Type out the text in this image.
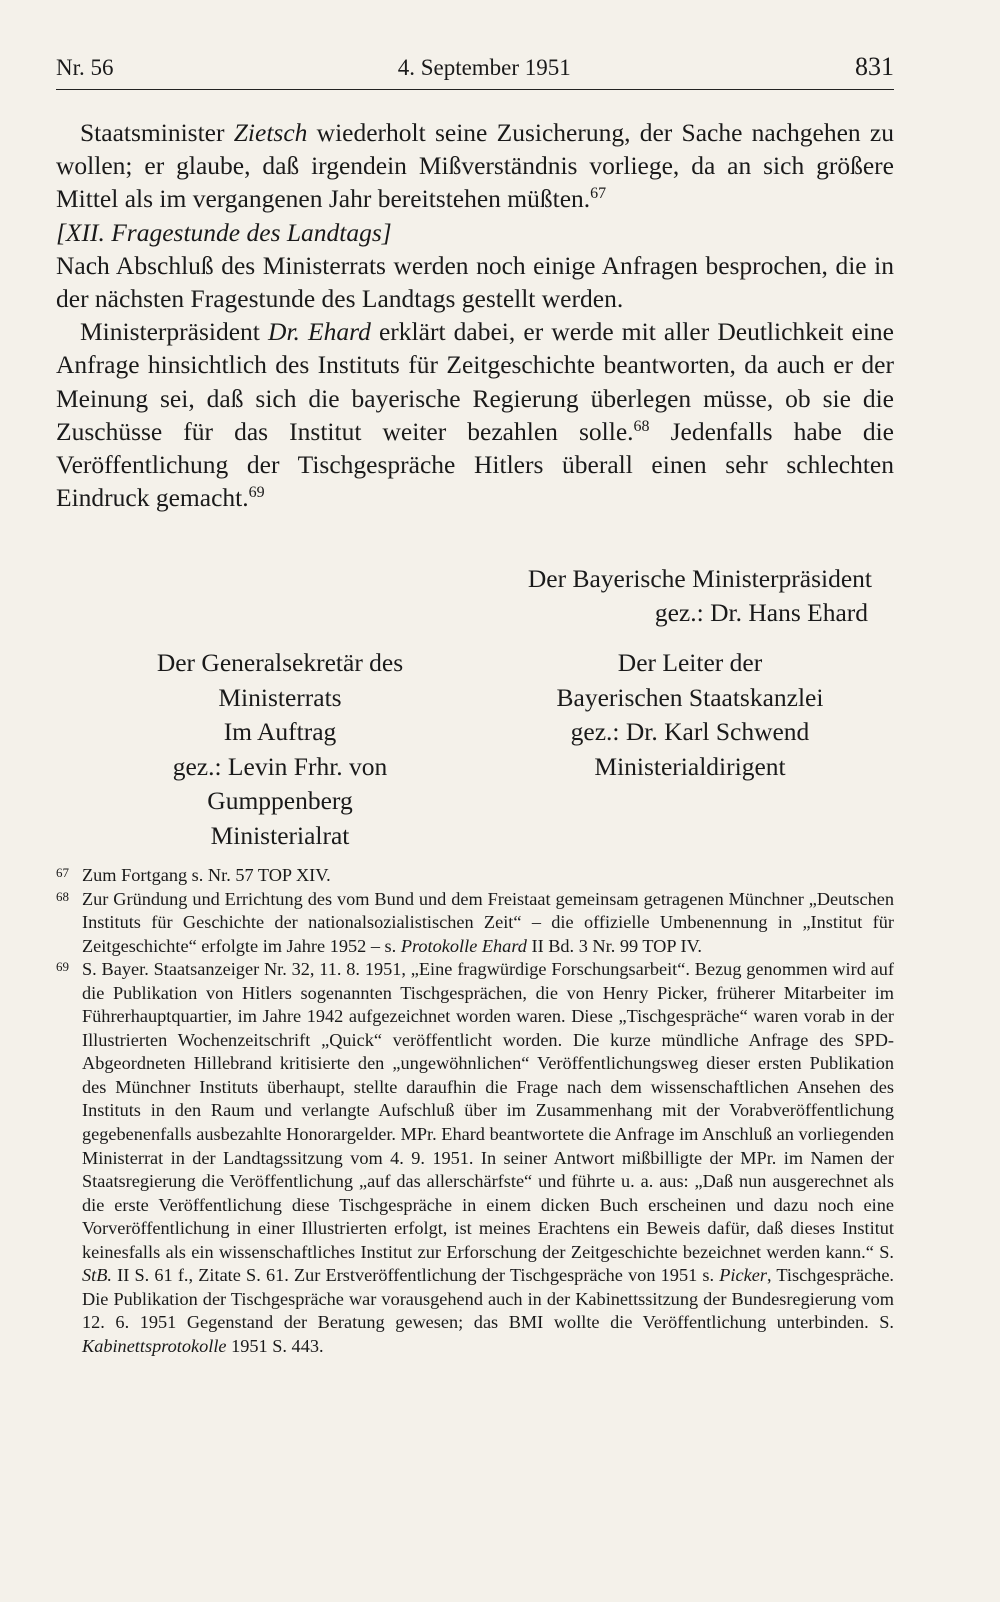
Nr. 56	4. September 1951	831

Staatsminister Zietsch wiederholt seine Zusicherung, der Sache nachgehen zu wollen; er glaube, daß irgendein Mißverständnis vorliege, da an sich größere Mittel als im vergangenen Jahr bereitstehen müßten.$^{67}$

[XII. Fragestunde des Landtags]

Nach Abschluß des Ministerrats werden noch einige Anfragen besprochen, die in der nächsten Fragestunde des Landtags gestellt werden.

Ministerpräsident Dr. Ehard erklärt dabei, er werde mit aller Deutlichkeit eine Anfrage hinsichtlich des Instituts für Zeitgeschichte beantworten, da auch er der Meinung sei, daß sich die bayerische Regierung überlegen müsse, ob sie die Zuschüsse für das Institut weiter bezahlen solle.$^{68}$ Jedenfalls habe die Veröffentlichung der Tischgespräche Hitlers überall einen sehr schlechten Eindruck gemacht.$^{69}$

Der Bayerische Ministerpräsident
gez.: Dr. Hans Ehard
Der Generalsekretär des
Ministerrats
Im Auftrag
gez.: Levin Frhr. von Gumppenberg
Ministerialrat
Der Leiter der
Bayerischen Staatskanzlei
gez.: Dr. Karl Schwend
Ministerialdirigent
67 Zum Fortgang s. Nr. 57 TOP XIV.
68 Zur Gründung und Errichtung des vom Bund und dem Freistaat gemeinsam getragenen Münchner „Deutschen Instituts für Geschichte der nationalsozialistischen Zeit“ – die offizielle Umbenennung in „Institut für Zeitgeschichte“ erfolgte im Jahre 1952 – s. Protokolle Ehard II Bd. 3 Nr. 99 TOP IV.
69 S. Bayer. Staatsanzeiger Nr. 32, 11. 8. 1951, „Eine fragwürdige Forschungsarbeit“. Bezug genommen wird auf die Publikation von Hitlers sogenannten Tischgesprächen, die von Henry Picker, früherer Mitarbeiter im Führerhauptquartier, im Jahre 1942 aufgezeichnet worden waren. Diese „Tischgespräche“ waren vorab in der Illustrierten Wochenzeitschrift „Quick“ veröffentlicht worden. Die kurze mündliche Anfrage des SPD-Abgeordneten Hillebrand kritisierte den „ungewöhnlichen“ Veröffentlichungsweg dieser ersten Publikation des Münchner Instituts überhaupt, stellte daraufhin die Frage nach dem wissenschaftlichen Ansehen des Instituts in den Raum und verlangte Aufschluß über im Zusammenhang mit der Vorabveröffentlichung gegebenenfalls ausbezahlte Honorargelder. MPr. Ehard beantwortete die Anfrage im Anschluß an vorliegenden Ministerrat in der Landtagssitzung vom 4. 9. 1951. In seiner Antwort mißbilligte der MPr. im Namen der Staatsregierung die Veröffentlichung „auf das allerschärfste“ und führte u. a. aus: „Daß nun ausgerechnet als die erste Veröffentlichung diese Tischgespräche in einem dicken Buch erscheinen und dazu noch eine Vorveröffentlichung in einer Illustrierten erfolgt, ist meines Erachtens ein Beweis dafür, daß dieses Institut keinesfalls als ein wissenschaftliches Institut zur Erforschung der Zeitgeschichte bezeichnet werden kann.“ S. StB. II S. 61 f., Zitate S. 61. Zur Erstveröffentlichung der Tischgespräche von 1951 s. Picker, Tischgespräche. Die Publikation der Tischgespräche war vorausgehend auch in der Kabinettssitzung der Bundesregierung vom 12. 6. 1951 Gegenstand der Beratung gewesen; das BMI wollte die Veröffentlichung unterbinden. S. Kabinettsprotokolle 1951 S. 443.
